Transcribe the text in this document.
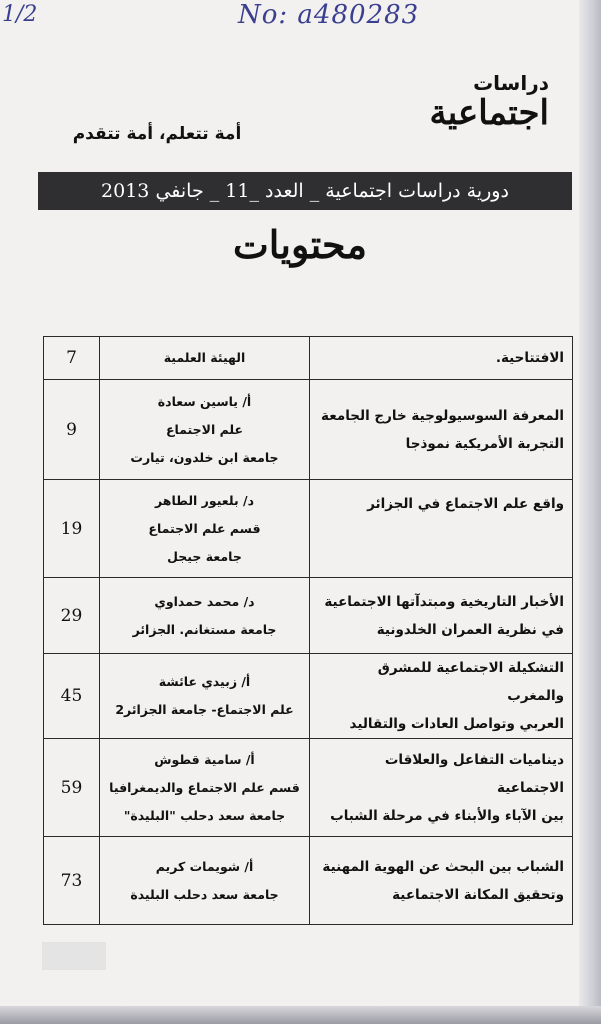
1/2	No: a480283
دراسات
اجتماعية
أمة تتعلم، أمة تتقدم
دورية دراسات اجتماعية _ العدد _11 _ جانفي 2013
محتويات
الافتتاحية.	الهيئة العلمية	7

المعرفة السوسيولوجية خارج الجامعة
التجربة الأمريكية نموذجا	أ/ ياسين سعادة
علم الاجتماع
جامعة ابن خلدون، تيارت	9

واقع علم الاجتماع في الجزائر	د/ بلعيور الطاهر
قسم علم الاجتماع
جامعة جيجل	19

الأخبار التاريخية ومبتدآتها الاجتماعية
في نظرية العمران الخلدونية	د/ محمد حمداوي
جامعة مستغانم. الجزائر	29

التشكيلة الاجتماعية للمشرق والمغرب
العربي وتواصل العادات والتقاليد	أ/ زبيدي عائشة
علم الاجتماع- جامعة الجزائر2	45

ديناميات التفاعل والعلاقات الاجتماعية
بين الآباء والأبناء في مرحلة الشباب	أ/ سامية قطوش
قسم علم الاجتماع والديمغرافيا
جامعة سعد دحلب "البليدة"	59

الشباب بين البحث عن الهوية المهنية
وتحقيق المكانة الاجتماعية	أ/ شويمات كريم
جامعة سعد دحلب البليدة	73
